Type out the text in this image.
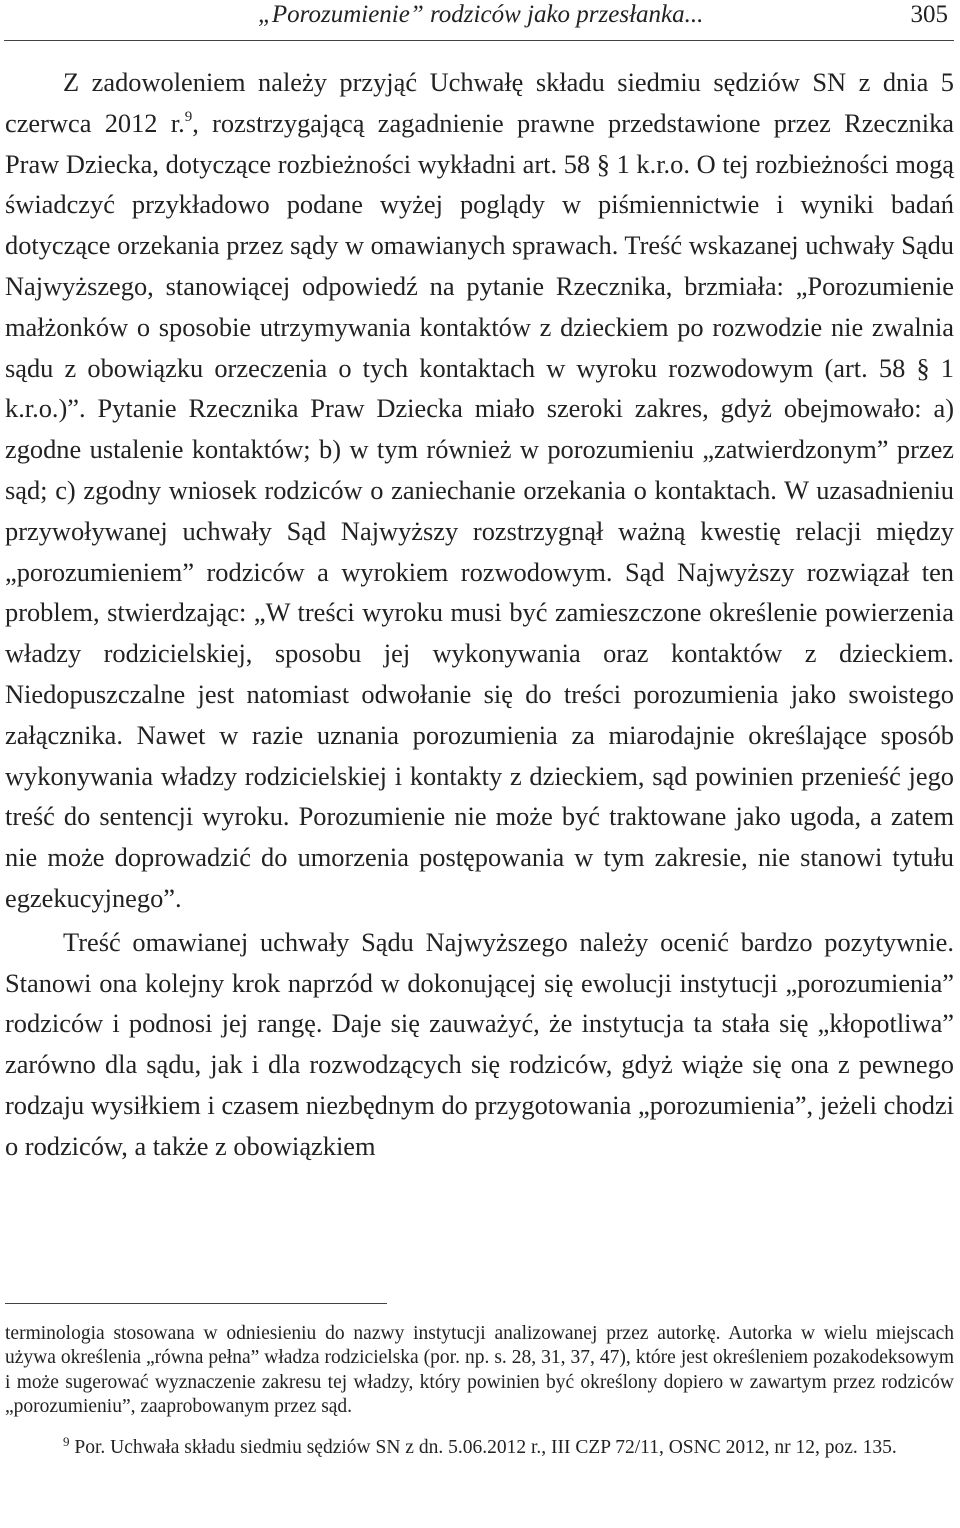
„Porozumienie” rodziców jako przesłanka...	305

Z zadowoleniem należy przyjąć Uchwałę składu siedmiu sędziów SN z dnia 5 czerwca 2012 r.$^9$, rozstrzygającą zagadnienie prawne przedstawione przez Rzecznika Praw Dziecka, dotyczące rozbieżności wykładni art. 58 § 1 k.r.o. O tej rozbieżności mogą świadczyć przykładowo podane wyżej poglądy w piśmiennictwie i wyniki badań dotyczące orzekania przez sądy w omawianych sprawach. Treść wskazanej uchwały Sądu Najwyższego, stanowiącej odpowiedź na pytanie Rzecznika, brzmiała: „Porozumienie małżonków o sposobie utrzymywania kontaktów z dzieckiem po rozwodzie nie zwalnia sądu z obowiązku orzeczenia o tych kontaktach w wyroku rozwodowym (art. 58 § 1 k.r.o.)”. Pytanie Rzecznika Praw Dziecka miało szeroki zakres, gdyż obejmowało: a) zgodne ustalenie kontaktów; b) w tym również w porozumieniu „zatwierdzonym” przez sąd; c) zgodny wniosek rodziców o zaniechanie orzekania o kontaktach. W uzasadnieniu przywoływanej uchwały Sąd Najwyższy rozstrzygnął ważną kwestię relacji między „porozumieniem” rodziców a wyrokiem rozwodowym. Sąd Najwyższy rozwiązał ten problem, stwierdzając: „W treści wyroku musi być zamieszczone określenie powierzenia władzy rodzicielskiej, sposobu jej wykonywania oraz kontaktów z dzieckiem. Niedopuszczalne jest natomiast odwołanie się do treści porozumienia jako swoistego załącznika. Nawet w razie uznania porozumienia za miarodajnie określające sposób wykonywania władzy rodzicielskiej i kontakty z dzieckiem, sąd powinien przenieść jego treść do sentencji wyroku. Porozumienie nie może być traktowane jako ugoda, a zatem nie może doprowadzić do umorzenia postępowania w tym zakresie, nie stanowi tytułu egzekucyjnego”.

Treść omawianej uchwały Sądu Najwyższego należy ocenić bardzo pozytywnie. Stanowi ona kolejny krok naprzód w dokonującej się ewolucji instytucji „porozumienia” rodziców i podnosi jej rangę. Daje się zauważyć, że instytucja ta stała się „kłopotliwa” zarówno dla sądu, jak i dla rozwodzących się rodziców, gdyż wiąże się ona z pewnego rodzaju wysiłkiem i czasem niezbędnym do przygotowania „porozumienia”, jeżeli chodzi o rodziców, a także z obowiązkiem

terminologia stosowana w odniesieniu do nazwy instytucji analizowanej przez autorkę. Autorka w wielu miejscach używa określenia „równa pełna” władza rodzicielska (por. np. s. 28, 31, 37, 47), które jest określeniem pozakodeksowym i może sugerować wyznaczenie zakresu tej władzy, który powinien być określony dopiero w zawartym przez rodziców „porozumieniu”, zaaprobowanym przez sąd.

$^9$ Por. Uchwała składu siedmiu sędziów SN z dn. 5.06.2012 r., III CZP 72/11, OSNC 2012, nr 12, poz. 135.
